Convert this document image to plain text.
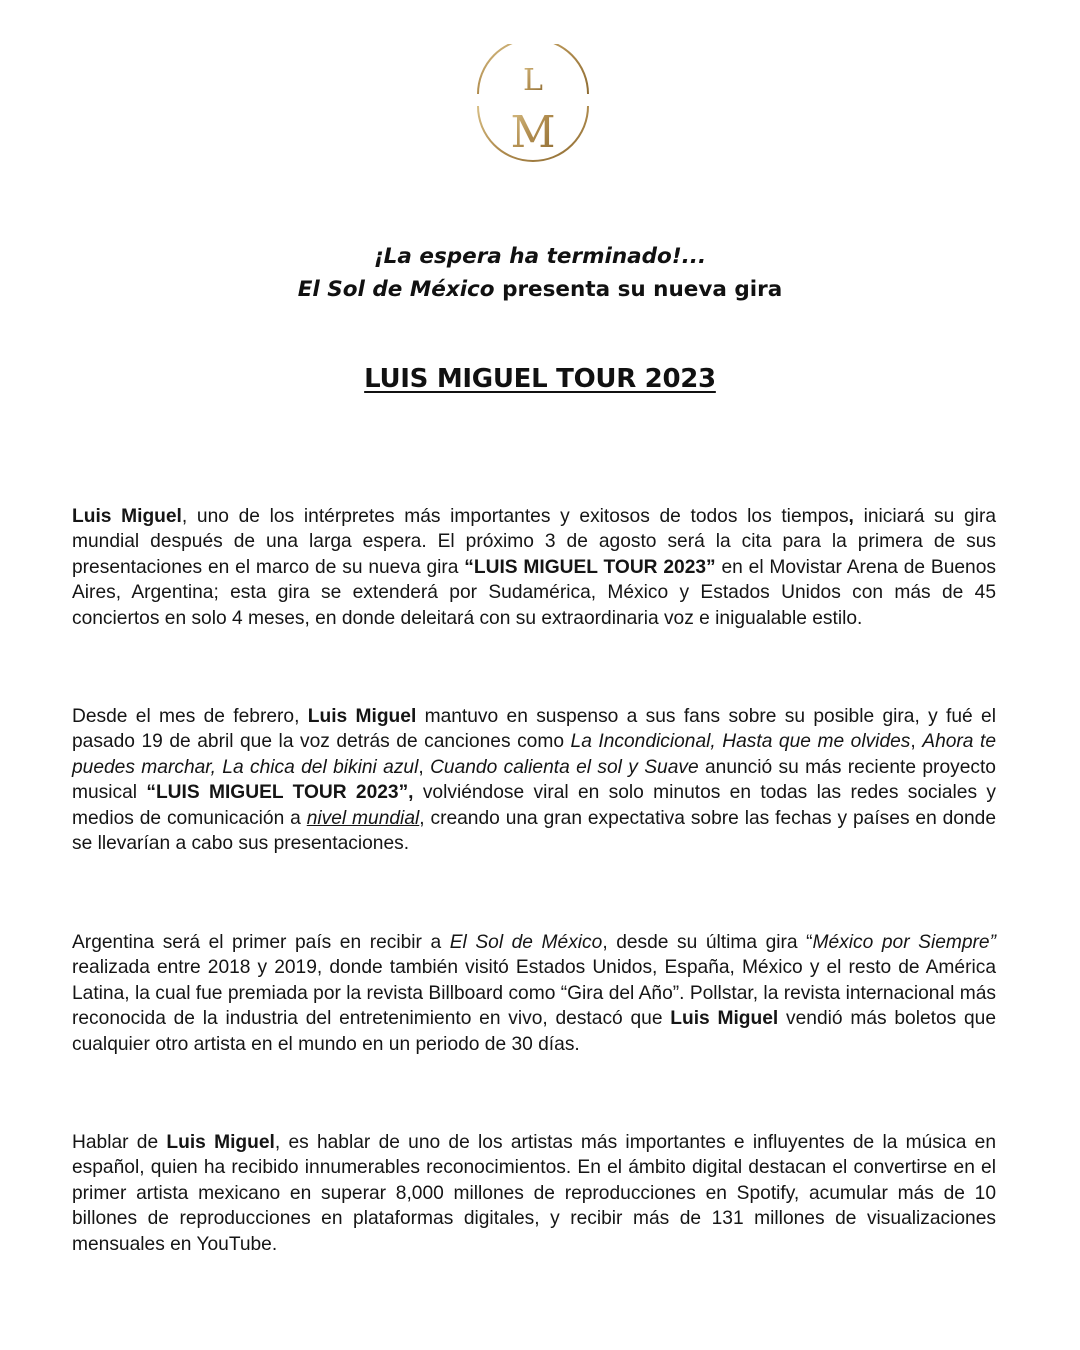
L
M
¡La espera ha terminado!...
El Sol de México presenta su nueva gira
LUIS MIGUEL TOUR 2023

Luis Miguel, uno de los intérpretes más importantes y exitosos de todos los tiempos, iniciará su gira mundial después de una larga espera. El próximo 3 de agosto será la cita para la primera de sus presentaciones en el marco de su nueva gira “LUIS MIGUEL TOUR 2023” en el Movistar Arena de Buenos Aires, Argentina; esta gira se extenderá por Sudamérica, México y Estados Unidos con más de 45 conciertos en solo 4 meses, en donde deleitará con su extraordinaria voz e inigualable estilo.

Desde el mes de febrero, Luis Miguel mantuvo en suspenso a sus fans sobre su posible gira, y fué el pasado 19 de abril que la voz detrás de canciones como La Incondicional, Hasta que me olvides, Ahora te puedes marchar, La chica del bikini azul, Cuando calienta el sol y Suave anunció su más reciente proyecto musical “LUIS MIGUEL TOUR 2023”, volviéndose viral en solo minutos en todas las redes sociales y medios de comunicación a nivel mundial, creando una gran expectativa sobre las fechas y países en donde se llevarían a cabo sus presentaciones.

Argentina será el primer país en recibir a El Sol de México, desde su última gira “México por Siempre” realizada entre 2018 y 2019, donde también visitó Estados Unidos, España, México y el resto de América Latina, la cual fue premiada por la revista Billboard como “Gira del Año”. Pollstar, la revista internacional más reconocida de la industria del entretenimiento en vivo, destacó que Luis Miguel vendió más boletos que cualquier otro artista en el mundo en un periodo de 30 días.

Hablar de Luis Miguel, es hablar de uno de los artistas más importantes e influyentes de la música en español, quien ha recibido innumerables reconocimientos. En el ámbito digital destacan el convertirse en el primer artista mexicano en superar 8,000 millones de reproducciones en Spotify, acumular más de 10 billones de reproducciones en plataformas digitales, y recibir más de 131 millones de visualizaciones mensuales en YouTube.
